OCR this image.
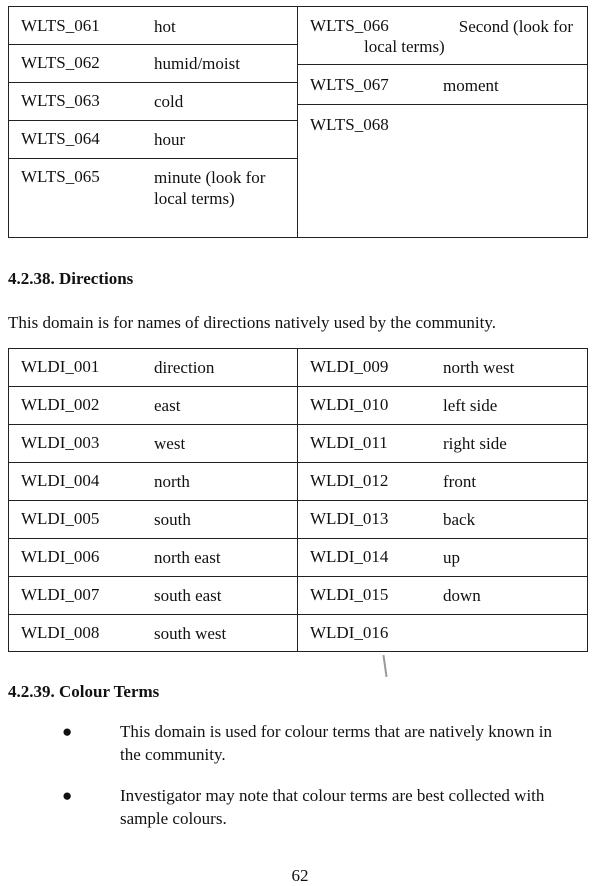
WLTS_061	hot
WLTS_062	humid/moist
WLTS_063	cold
WLTS_064	hour
WLTS_065	minute (look for
local terms)
WLTS_066	Second (look for
local terms)
WLTS_067	moment
WLTS_068
4.2.38. Directions
This domain is for names of directions natively used by the community.
WLDI_001	direction
WLDI_002	east
WLDI_003	west
WLDI_004	north
WLDI_005	south
WLDI_006	north east
WLDI_007	south east
WLDI_008	south west
WLDI_009	north west
WLDI_010	left side
WLDI_011	right side
WLDI_012	front
WLDI_013	back
WLDI_014	up
WLDI_015	down
WLDI_016
4.2.39. Colour Terms
●	This domain is used for colour terms that are natively known in
the community.
●	Investigator may note that colour terms are best collected with
sample colours.
62
